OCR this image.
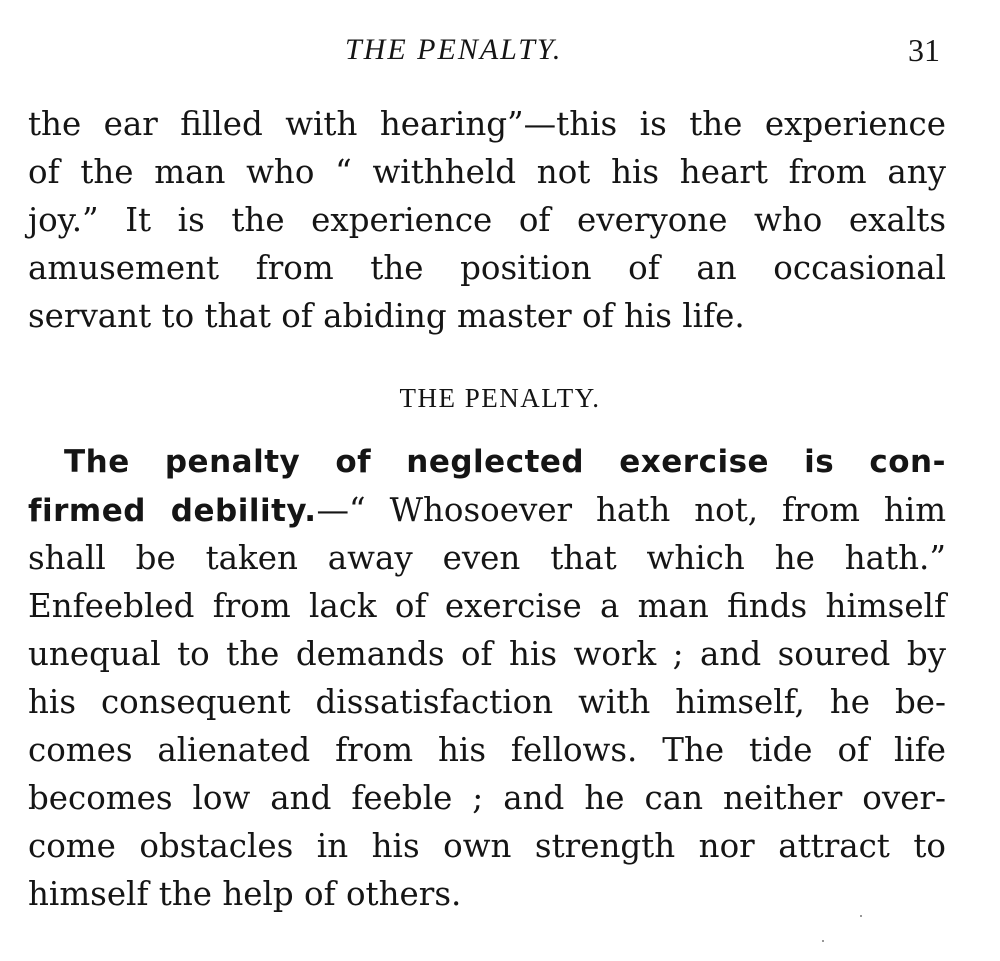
THE PENALTY.	31
the ear filled with hearing”—this is the experience
of the man who “ withheld not his heart from any
joy.” It is the experience of everyone who exalts
amusement from the position of an occasional
servant to that of abiding master of his life.
THE PENALTY.
The penalty of neglected exercise is con-
firmed debility.—“ Whosoever hath not, from him
shall be taken away even that which he hath.”
Enfeebled from lack of exercise a man finds himself
unequal to the demands of his work ; and soured by
his consequent dissatisfaction with himself, he be-
comes alienated from his fellows. The tide of life
becomes low and feeble ; and he can neither over-
come obstacles in his own strength nor attract to
himself the help of others.
